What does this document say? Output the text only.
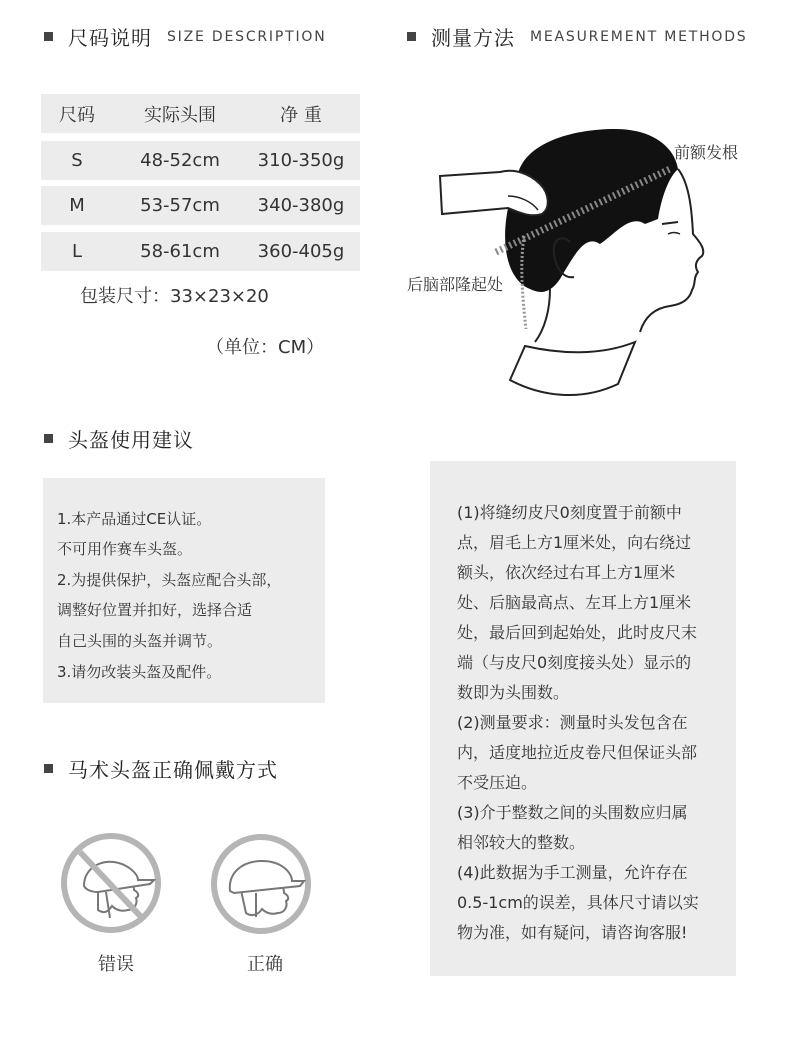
尺码说明 SIZE DESCRIPTION	测量方法 MEASUREMENT METHODS
尺码	实际头围	净 重
S	48-52cm	310-350g
M	53-57cm	340-380g
L	58-61cm	360-405g
包装尺寸：33×23×20
（单位：CM）
前额发根
后脑部隆起处
头盔使用建议
1.本产品通过CE认证。
不可用作赛车头盔。
2.为提供保护，头盔应配合头部，
调整好位置并扣好，选择合适
自己头围的头盔并调节。
3.请勿改装头盔及配件。
(1)将缝纫皮尺0刻度置于前额中
点，眉毛上方1厘米处，向右绕过
额头，依次经过右耳上方1厘米
处、后脑最高点、左耳上方1厘米
处，最后回到起始处，此时皮尺末
端（与皮尺0刻度接头处）显示的
数即为头围数。
(2)测量要求：测量时头发包含在
内，适度地拉近皮卷尺但保证头部
不受压迫。
(3)介于整数之间的头围数应归属
相邻较大的整数。
(4)此数据为手工测量，允许存在
0.5-1cm的误差，具体尺寸请以实
物为准，如有疑问，请咨询客服!
马术头盔正确佩戴方式
错误	正确
